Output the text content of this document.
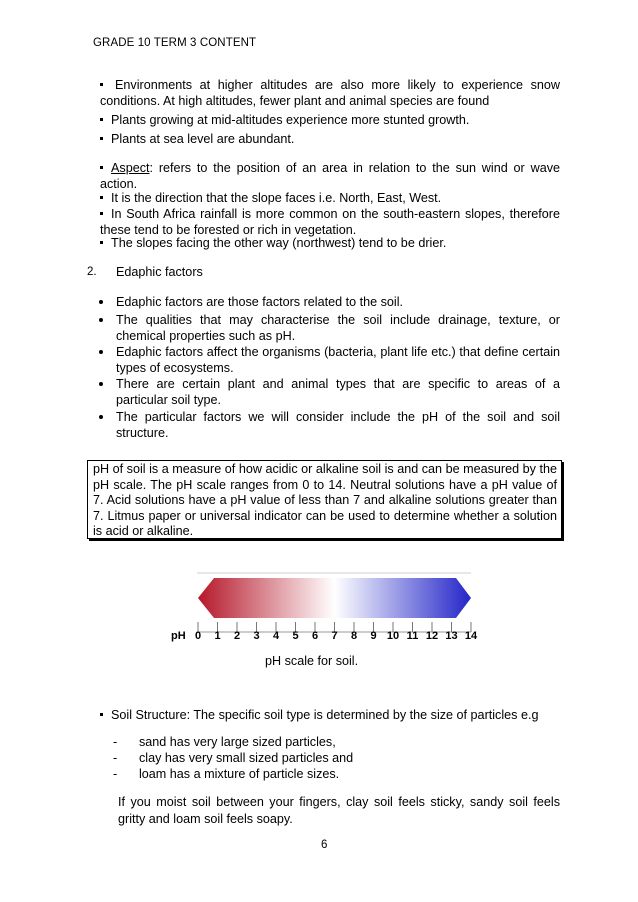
GRADE 10 TERM 3 CONTENT
Environments at higher altitudes are also more likely to experience snow conditions. At high altitudes, fewer plant and animal species are found
Plants growing at mid-altitudes experience more stunted growth.
Plants at sea level are abundant.
Aspect: refers to the position of an area in relation to the sun wind or wave action.
It is the direction that the slope faces i.e. North, East, West.
In South Africa rainfall is more common on the south-eastern slopes, therefore these tend to be forested or rich in vegetation.
The slopes facing the other way (northwest) tend to be drier.
2. Edaphic factors
Edaphic factors are those factors related to the soil.
The qualities that may characterise the soil include drainage, texture, or chemical properties such as pH.
Edaphic factors affect the organisms (bacteria, plant life etc.) that define certain types of ecosystems.
There are certain plant and animal types that are specific to areas of a particular soil type.
The particular factors we will consider include the pH of the soil and soil structure.
pH of soil is a measure of how acidic or alkaline soil is and can be measured by the pH scale. The pH scale ranges from 0 to 14. Neutral solutions have a pH value of 7. Acid solutions have a pH value of less than 7 and alkaline solutions greater than 7. Litmus paper or universal indicator can be used to determine whether a solution is acid or alkaline.
pH 0 1 2 3 4 5 6 7 8 9 10 11 12 13 14
pH scale for soil.
Soil Structure: The specific soil type is determined by the size of particles e.g
- sand has very large sized particles,
- clay has very small sized particles and
- loam has a mixture of particle sizes.
If you moist soil between your fingers, clay soil feels sticky, sandy soil feels gritty and loam soil feels soapy.
6
